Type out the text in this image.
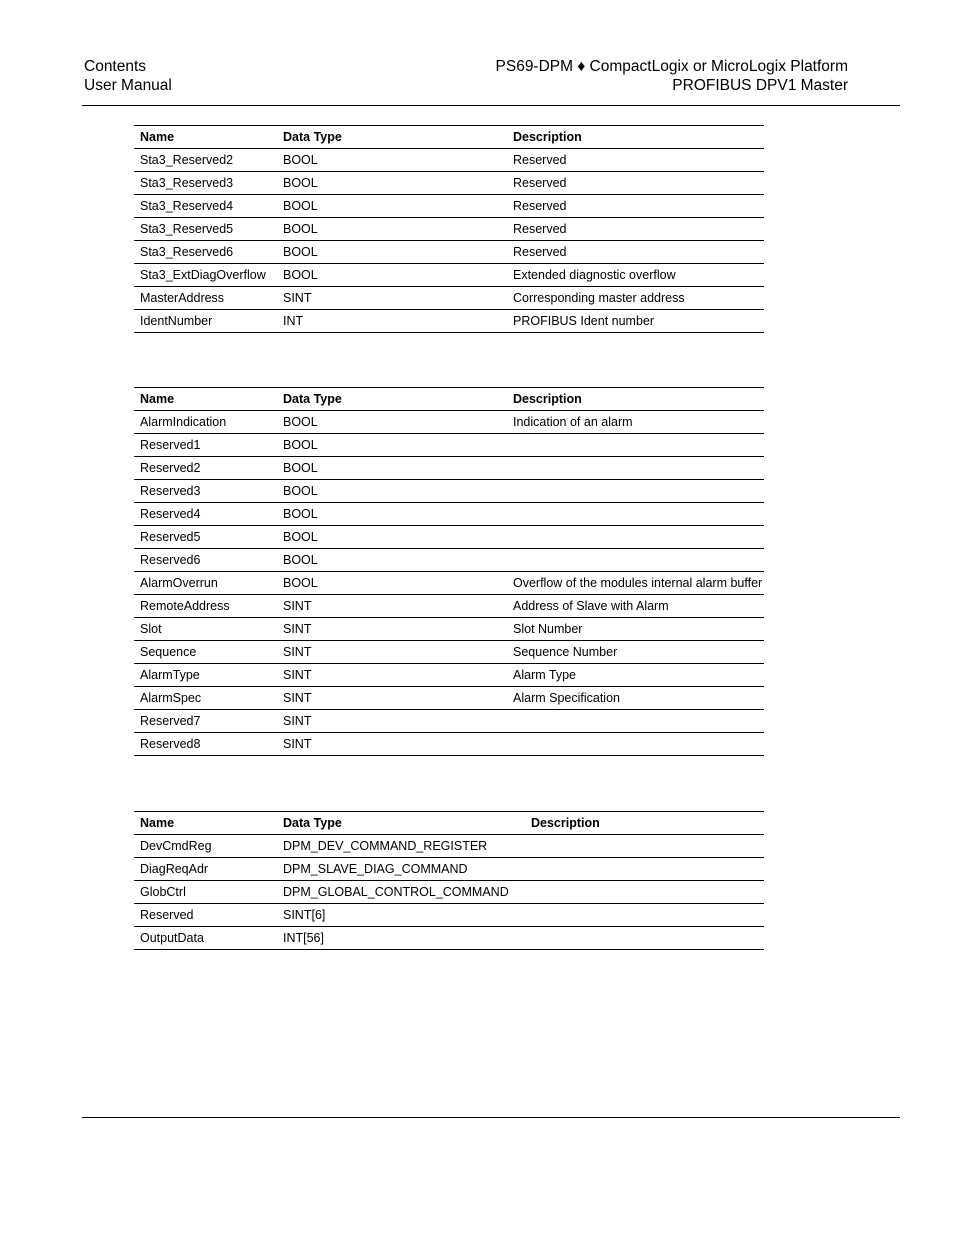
Contents
User Manual
PS69-DPM ♦ CompactLogix or MicroLogix Platform
PROFIBUS DPV1 Master
Name	Data Type	Description
Sta3_Reserved2	BOOL	Reserved
Sta3_Reserved3	BOOL	Reserved
Sta3_Reserved4	BOOL	Reserved
Sta3_Reserved5	BOOL	Reserved
Sta3_Reserved6	BOOL	Reserved
Sta3_ExtDiagOverflow	BOOL	Extended diagnostic overflow
MasterAddress	SINT	Corresponding master address
IdentNumber	INT	PROFIBUS Ident number
Name	Data Type	Description
AlarmIndication	BOOL	Indication of an alarm
Reserved1	BOOL	
Reserved2	BOOL	
Reserved3	BOOL	
Reserved4	BOOL	
Reserved5	BOOL	
Reserved6	BOOL	
AlarmOverrun	BOOL	Overflow of the modules internal alarm buffer
RemoteAddress	SINT	Address of Slave with Alarm
Slot	SINT	Slot Number
Sequence	SINT	Sequence Number
AlarmType	SINT	Alarm Type
AlarmSpec	SINT	Alarm Specification
Reserved7	SINT	
Reserved8	SINT	
Name	Data Type	Description
DevCmdReg	DPM_DEV_COMMAND_REGISTER	
DiagReqAdr	DPM_SLAVE_DIAG_COMMAND	
GlobCtrl	DPM_GLOBAL_CONTROL_COMMAND	
Reserved	SINT[6]	
OutputData	INT[56]	
